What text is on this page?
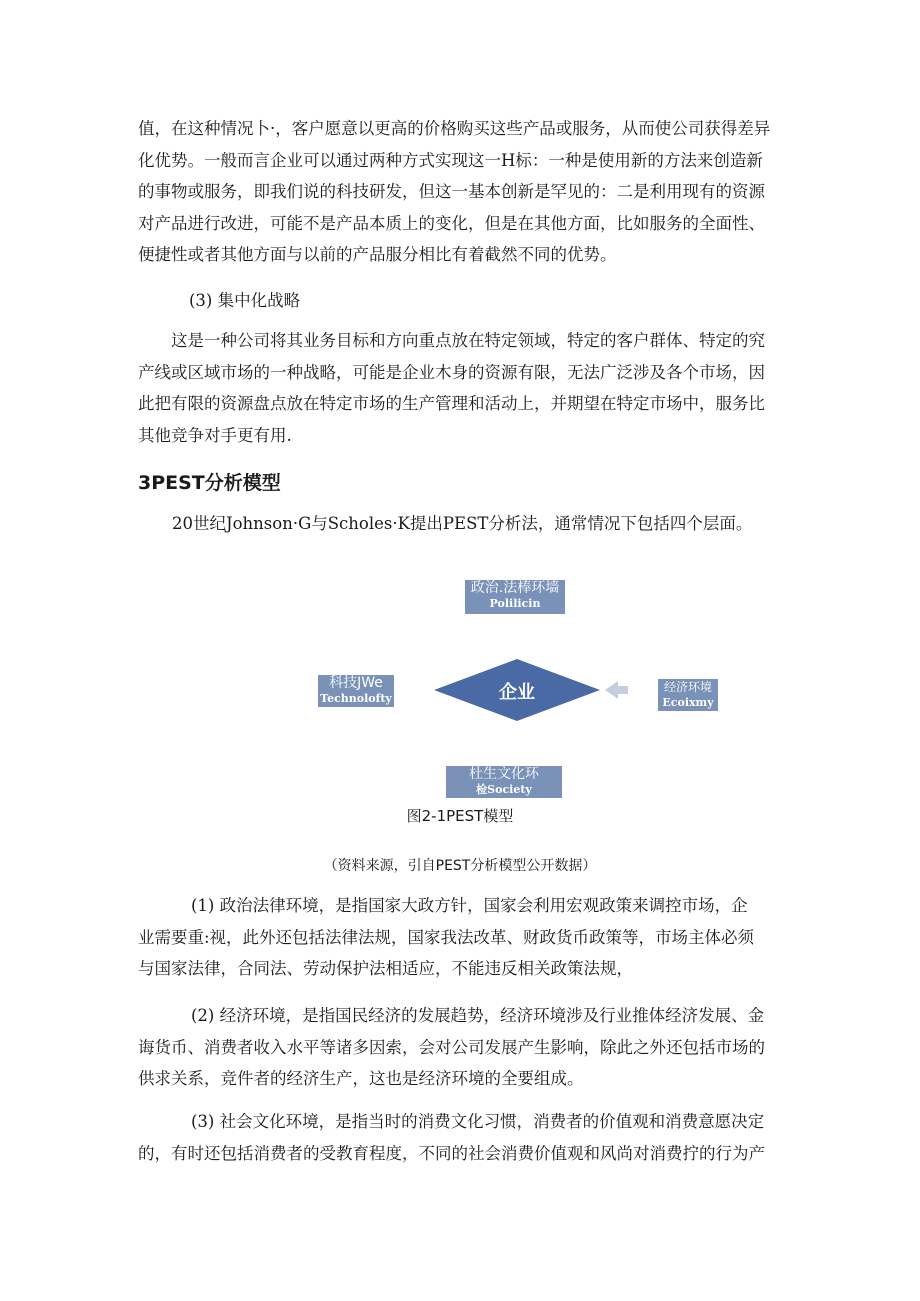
值，在这种情况卜·，客户愿意以更高的价格购买这些产品或服务，从而使公司获得差异
化优势。一般而言企业可以通过两种方式实现这一H标：一种是使用新的方法来创造新
的事物或服务，即我们说的科技研发，但这一基本创新是罕见的：二是利用现有的资源
对产品进行改进，可能不是产品本质上的变化，但是在其他方面，比如服务的全面性、
便捷性或者其他方面与以前的产品服分相比有着截然不同的优势。
(3) 集中化战略
这是一种公司将其业务目标和方向重点放在特定领域，特定的客户群体、特定的究
产线或区域市场的一种战略，可能是企业木身的资源有限，无法广泛涉及各个市场，因
此把有限的资源盘点放在特定市场的生产管理和活动上，并期望在特定市场中，服务比
其他竞争对手更有用.
3PEST分析模型
20世纪Johnson·G与Scholes·K提出PEST分析法，通常情况下包括四个层面。
政治.法棒环墙
Polilicin
科技JWe
Technolofty
经济环境
Ecoixmy
杜生文化环
检Society
企业
图2-1PEST模型
（资料来源，引自PEST分析模型公开数据）
(1) 政治法律环境，是指国家大政方针，国家会利用宏观政策来调控市场，企
业需要重:视，此外还包括法律法规，国家我法改革、财政货币政策等，市场主体必须
与国家法律，合同法、劳动保护法相适应，不能违反相关政策法规，
(2) 经济环境，是指国民经济的发展趋势，经济环境涉及行业推体经济发展、金
诲货币、消费者收入水平等诸多因索，会对公司发展产生影响，除此之外还包括市场的
供求关系，竞件者的经济生产，这也是经济环境的全要组成。
(3) 社会文化环境，是指当时的消费文化习惯，消费者的价值观和消费意愿决定
的，有时还包括消费者的受教育程度，不同的社会消费价值观和风尚对消费拧的行为产
